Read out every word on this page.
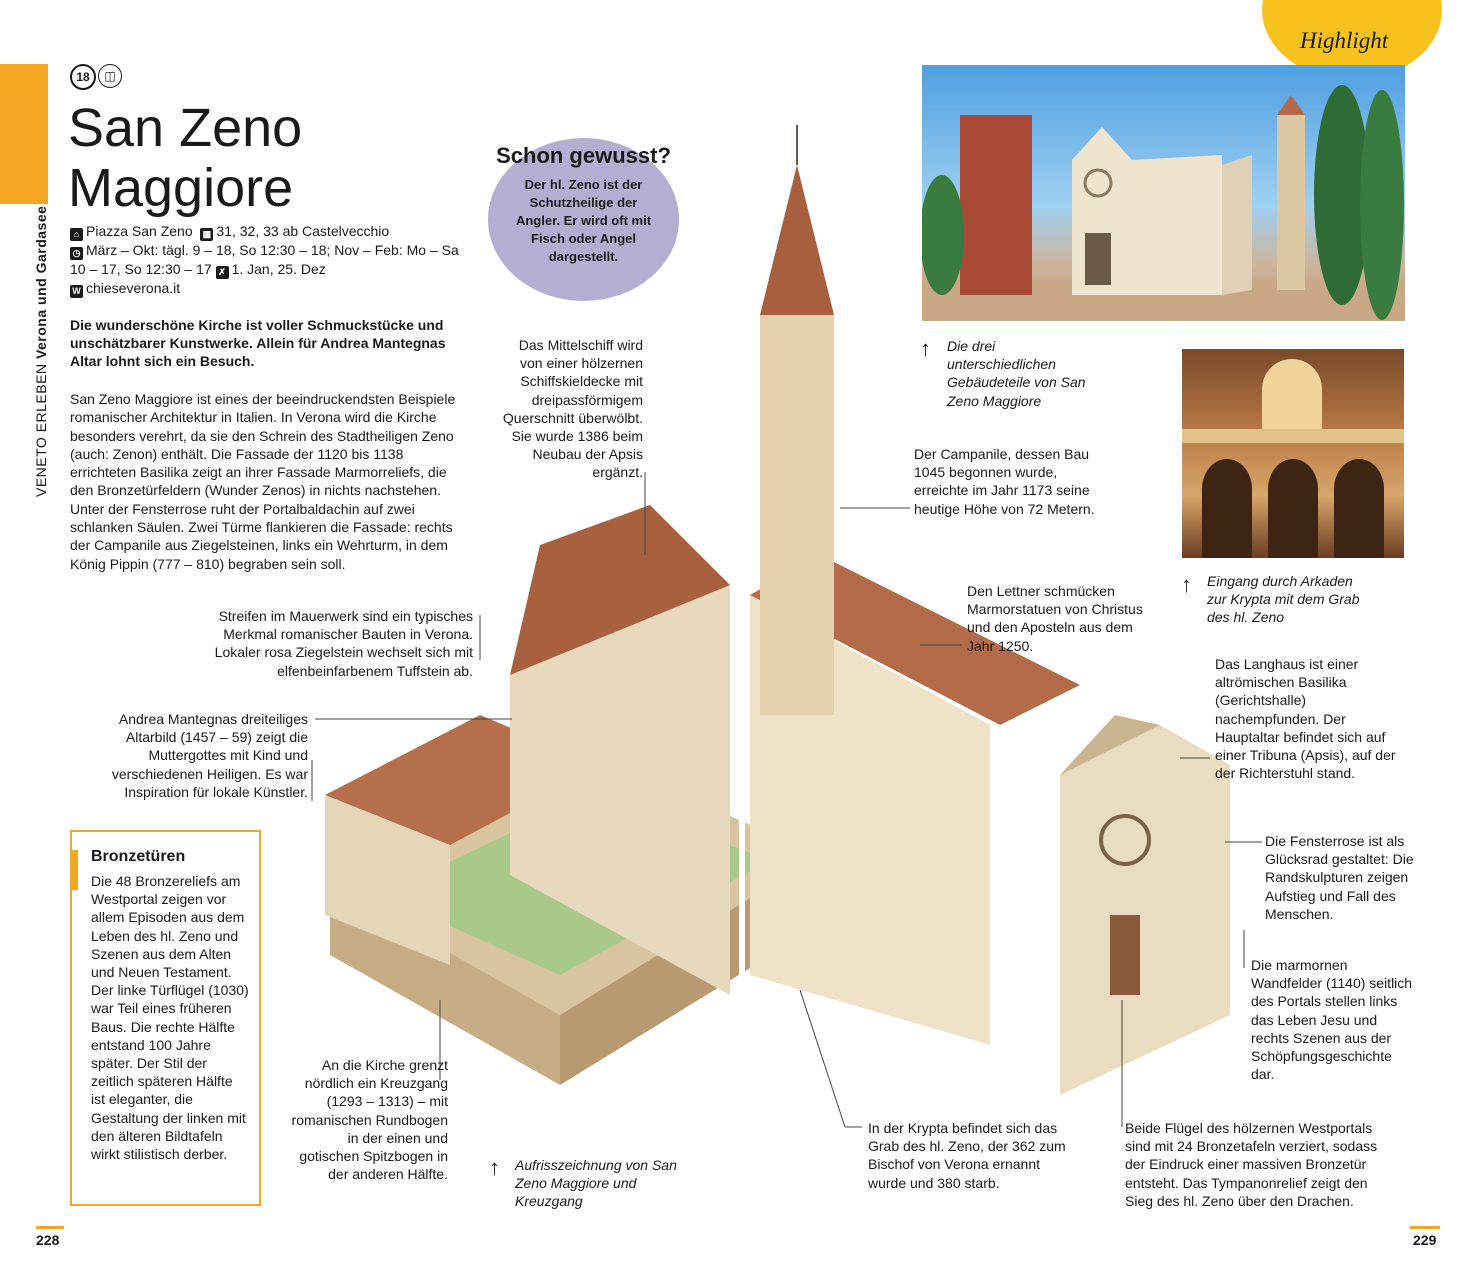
VENETO ERLEBEN Verona und Gardasee
Highlight
18	◫
San Zeno
Maggiore
⌂ Piazza San Zeno ▦ 31, 32, 33 ab Castelvecchio
◷ März – Okt: tägl. 9 – 18, So 12:30 – 18; Nov – Feb: Mo – Sa
10 – 17, So 12:30 – 17 ✗ 1. Jan, 25. Dez
W chieseverona.it
Die wunderschöne Kirche ist voller Schmuckstücke und unschätzbarer Kunstwerke. Allein für Andrea Mantegnas Altar lohnt sich ein Besuch.
San Zeno Maggiore ist eines der beeindruckendsten Beispiele romanischer Architektur in Italien. In Verona wird die Kirche besonders verehrt, da sie den Schrein des Stadtheiligen Zeno (auch: Zenon) enthält. Die Fassade der 1120 bis 1138 errichteten Basilika zeigt an ihrer Fassade Marmorreliefs, die den Bronzetürfeldern (Wunder Zenos) in nichts nachstehen. Unter der Fensterrose ruht der Portalbaldachin auf zwei schlanken Säulen. Zwei Türme flankieren die Fassade: rechts der Campanile aus Ziegelsteinen, links ein Wehrturm, in dem König Pippin (777 – 810) begraben sein soll.
Schon gewusst?
Der hl. Zeno ist der Schutzheilige der Angler. Er wird oft mit Fisch oder Angel dargestellt.
Das Mittelschiff wird von einer hölzernen Schiffskieldecke mit dreipassförmigem Querschnitt überwölbt. Sie wurde 1386 beim Neubau der Apsis ergänzt.
Streifen im Mauerwerk sind ein typisches Merkmal romanischer Bauten in Verona. Lokaler rosa Ziegelstein wechselt sich mit elfenbeinfarbenem Tuffstein ab.
Andrea Mantegnas dreiteiliges Altarbild (1457 – 59) zeigt die Muttergottes mit Kind und verschiedenen Heiligen. Es war Inspiration für lokale Künstler.
An die Kirche grenzt nördlich ein Kreuzgang (1293 – 1313) – mit romanischen Rundbogen in der einen und gotischen Spitzbogen in der anderen Hälfte. ↑ Aufrisszeichnung von San Zeno Maggiore und Kreuzgang
↑ Die drei unterschiedlichen Gebäudeteile von San Zeno Maggiore
Der Campanile, dessen Bau 1045 begonnen wurde, erreichte im Jahr 1173 seine heutige Höhe von 72 Metern.
↑ Eingang durch Arkaden zur Krypta mit dem Grab des hl. Zeno
Den Lettner schmücken Marmorstatuen von Christus und den Aposteln aus dem Jahr 1250.
Das Langhaus ist einer altrömischen Basilika (Gerichtshalle) nachempfunden. Der Hauptaltar befindet sich auf einer Tribuna (Apsis), auf der der Richterstuhl stand.
Die Fensterrose ist als Glücksrad gestaltet: Die Randskulpturen zeigen Aufstieg und Fall des Menschen.
Die marmornen Wandfelder (1140) seitlich des Portals stellen links das Leben Jesu und rechts Szenen aus der Schöpfungsgeschichte dar.
In der Krypta befindet sich das Grab des hl. Zeno, der 362 zum Bischof von Verona ernannt wurde und 380 starb.
Beide Flügel des hölzernen Westportals sind mit 24 Bronzetafeln verziert, sodass der Eindruck einer massiven Bronzetür entsteht. Das Tympanonrelief zeigt den Sieg des hl. Zeno über den Drachen.
Bronzetüren
Die 48 Bronzereliefs am Westportal zeigen vor allem Episoden aus dem Leben des hl. Zeno und Szenen aus dem Alten und Neuen Testament. Der linke Türflügel (1030) war Teil eines früheren Baus. Die rechte Hälfte entstand 100 Jahre später. Der Stil der zeitlich späteren Hälfte ist eleganter, die Gestaltung der linken mit den älteren Bildtafeln wirkt stilistisch derber.
228	229
